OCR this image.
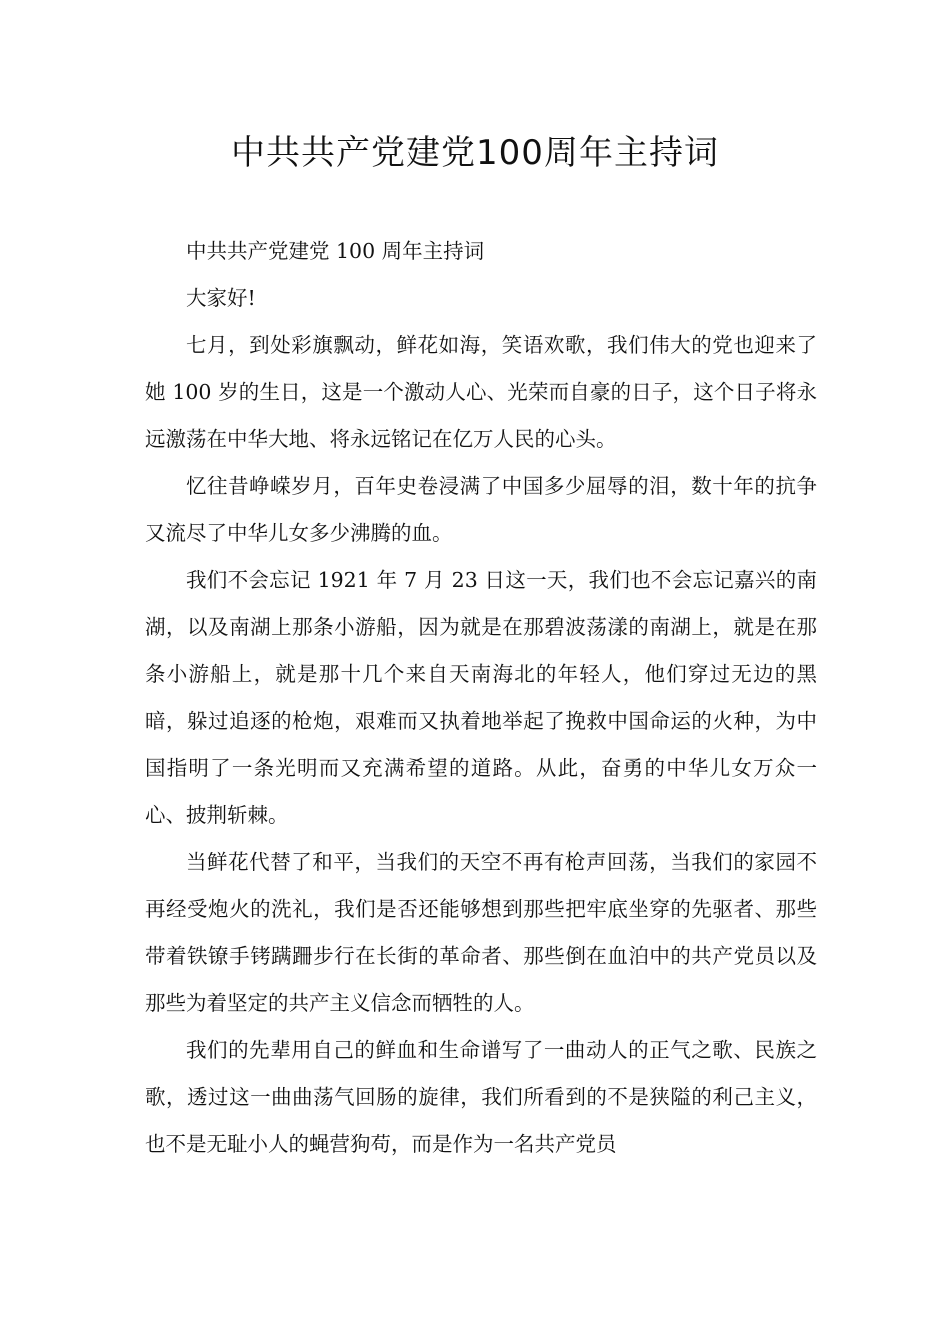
中共共产党建党100周年主持词

中共共产党建党 100 周年主持词

大家好!

七月，到处彩旗飘动，鲜花如海，笑语欢歌，我们伟大的党也迎来了她 100 岁的生日，这是一个激动人心、光荣而自豪的日子，这个日子将永远激荡在中华大地、将永远铭记在亿万人民的心头。

忆往昔峥嵘岁月，百年史卷浸满了中国多少屈辱的泪，数十年的抗争又流尽了中华儿女多少沸腾的血。

我们不会忘记 1921 年 7 月 23 日这一天，我们也不会忘记嘉兴的南湖，以及南湖上那条小游船，因为就是在那碧波荡漾的南湖上，就是在那条小游船上，就是那十几个来自天南海北的年轻人，他们穿过无边的黑暗，躲过追逐的枪炮，艰难而又执着地举起了挽救中国命运的火种，为中国指明了一条光明而又充满希望的道路。从此，奋勇的中华儿女万众一心、披荆斩棘。

当鲜花代替了和平，当我们的天空不再有枪声回荡，当我们的家园不再经受炮火的洗礼，我们是否还能够想到那些把牢底坐穿的先驱者、那些带着铁镣手铐蹒跚步行在长街的革命者、那些倒在血泊中的共产党员以及那些为着坚定的共产主义信念而牺牲的人。

我们的先辈用自己的鲜血和生命谱写了一曲动人的正气之歌、民族之歌，透过这一曲曲荡气回肠的旋律，我们所看到的不是狭隘的利己主义，也不是无耻小人的蝇营狗苟，而是作为一名共产党员
